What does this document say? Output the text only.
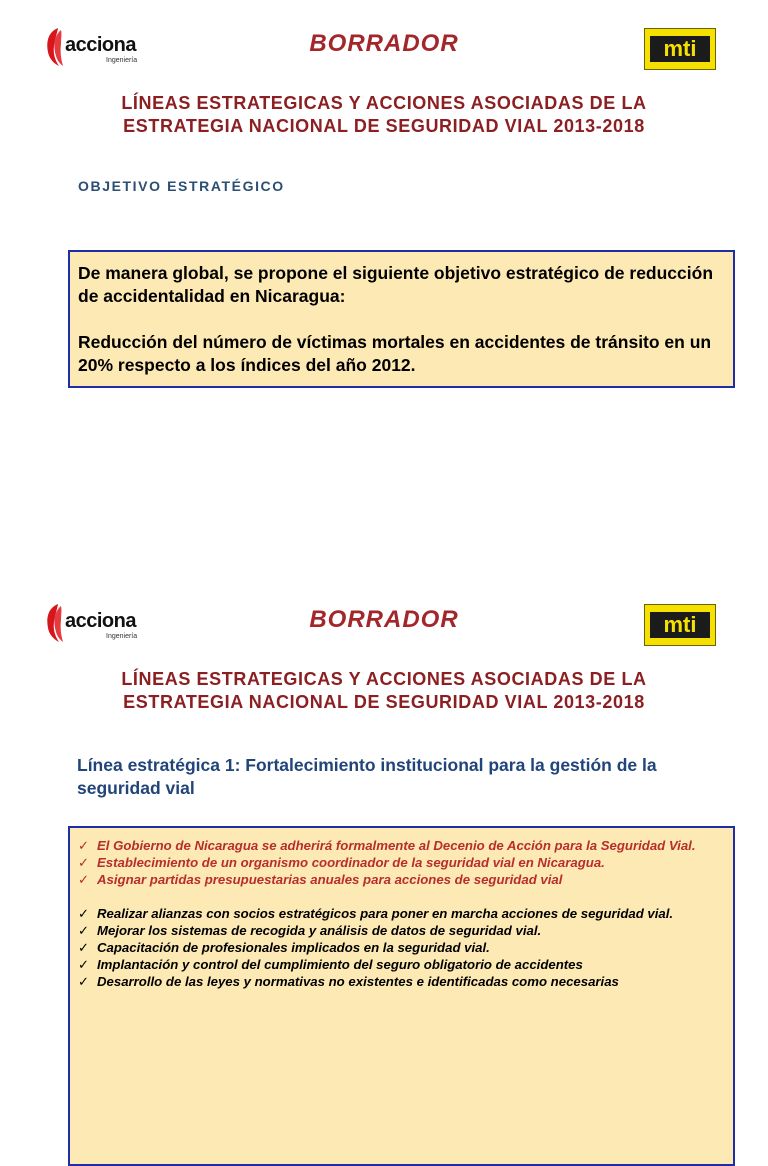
acciona
Ingeniería
BORRADOR	mti
LÍNEAS ESTRATEGICAS Y ACCIONES ASOCIADAS DE LA
ESTRATEGIA NACIONAL DE SEGURIDAD VIAL 2013-2018
OBJETIVO ESTRATÉGICO

De manera global, se propone el siguiente objetivo estratégico de reducción de accidentalidad en Nicaragua:

Reducción del número de víctimas mortales en accidentes de tránsito en un 20% respecto a los índices del año 2012.

acciona
Ingeniería
BORRADOR	mti
LÍNEAS ESTRATEGICAS Y ACCIONES ASOCIADAS DE LA
ESTRATEGIA NACIONAL DE SEGURIDAD VIAL 2013-2018
Línea estratégica 1: Fortalecimiento institucional para la gestión de la seguridad vial
✓ El Gobierno de Nicaragua se adherirá formalmente al Decenio de Acción para la Seguridad Vial.
✓ Establecimiento de un organismo coordinador de la seguridad vial en Nicaragua.
✓ Asignar partidas presupuestarias anuales para acciones de seguridad vial
✓ Realizar alianzas con socios estratégicos para poner en marcha acciones de seguridad vial.
✓ Mejorar los sistemas de recogida y análisis de datos de seguridad vial.
✓ Capacitación de profesionales implicados en la seguridad vial.
✓ Implantación y control del cumplimiento del seguro obligatorio de accidentes
✓ Desarrollo de las leyes y normativas no existentes e identificadas como necesarias
